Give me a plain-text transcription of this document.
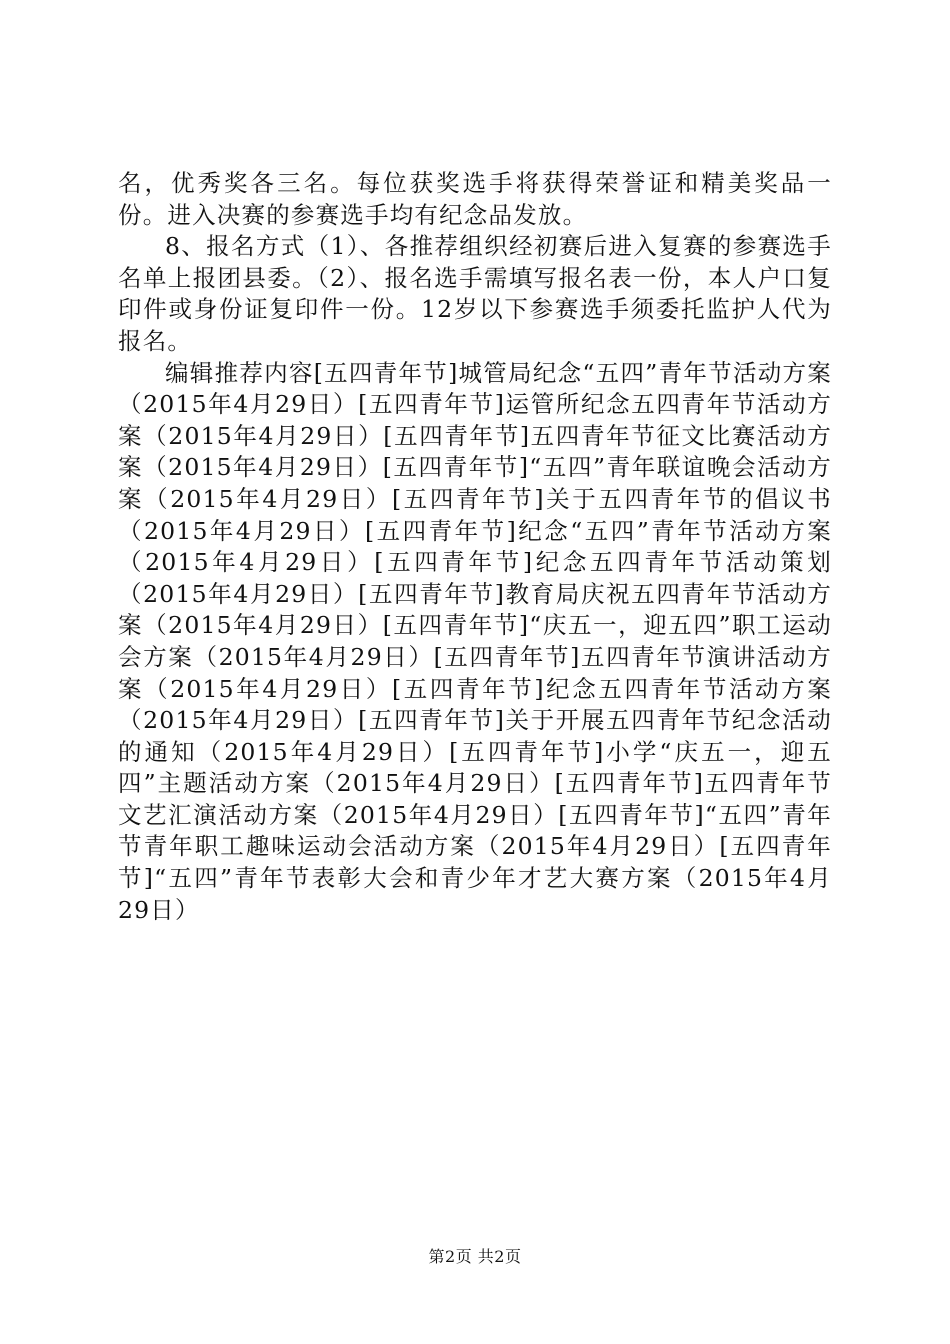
名，优秀奖各三名。每位获奖选手将获得荣誉证和精美奖品一份。进入决赛的参赛选手均有纪念品发放。

8、报名方式（1）、各推荐组织经初赛后进入复赛的参赛选手名单上报团县委。（2）、报名选手需填写报名表一份，本人户口复印件或身份证复印件一份。12岁以下参赛选手须委托监护人代为报名。

编辑推荐内容[五四青年节]城管局纪念“五四”青年节活动方案（2015年4月29日）[五四青年节]运管所纪念五四青年节活动方案（2015年4月29日）[五四青年节]五四青年节征文比赛活动方案（2015年4月29日）[五四青年节]“五四”青年联谊晚会活动方案（2015年4月29日）[五四青年节]关于五四青年节的倡议书（2015年4月29日）[五四青年节]纪念“五四”青年节活动方案（2015年4月29日）[五四青年节]纪念五四青年节活动策划（2015年4月29日）[五四青年节]教育局庆祝五四青年节活动方案（2015年4月29日）[五四青年节]“庆五一，迎五四”职工运动会方案（2015年4月29日）[五四青年节]五四青年节演讲活动方案（2015年4月29日）[五四青年节]纪念五四青年节活动方案（2015年4月29日）[五四青年节]关于开展五四青年节纪念活动的通知（2015年4月29日）[五四青年节]小学“庆五一，迎五四”主题活动方案（2015年4月29日）[五四青年节]五四青年节文艺汇演活动方案（2015年4月29日）[五四青年节]“五四”青年节青年职工趣味运动会活动方案（2015年4月29日）[五四青年节]“五四”青年节表彰大会和青少年才艺大赛方案（2015年4月29日）

第2页 共2页
